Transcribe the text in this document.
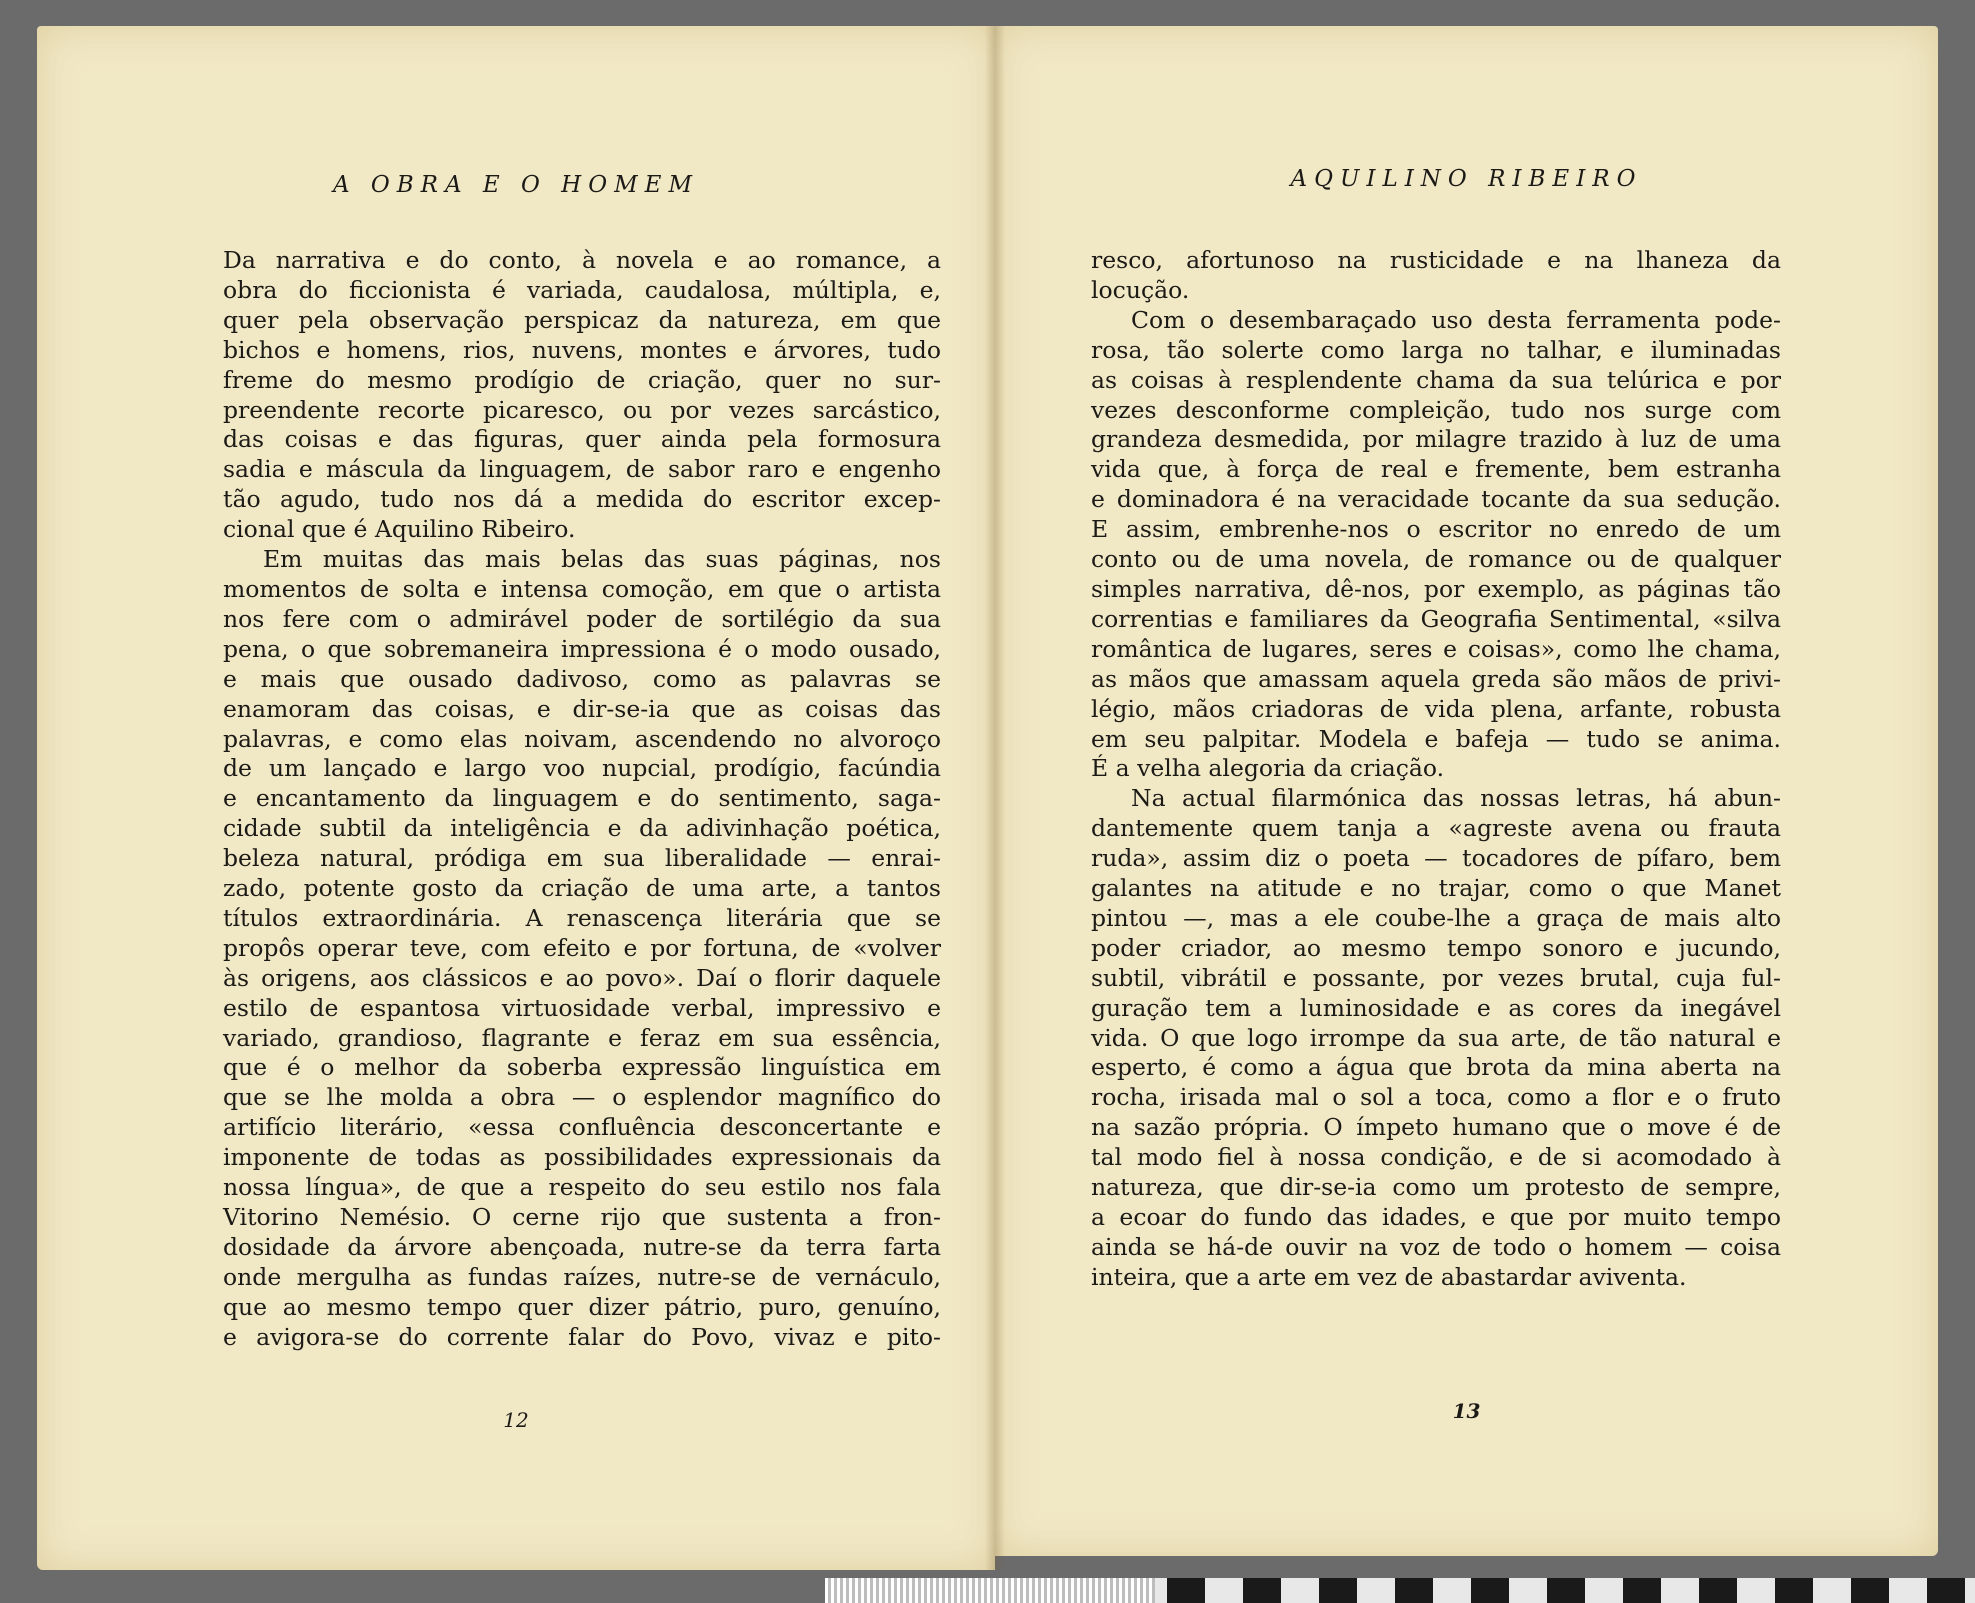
A OBRA E O HOMEM
Da narrativa e do conto, à novela e ao romance, a
obra do ficcionista é variada, caudalosa, múltipla, e,
quer pela observação perspicaz da natureza, em que
bichos e homens, rios, nuvens, montes e árvores, tudo
freme do mesmo prodígio de criação, quer no sur-
preendente recorte picaresco, ou por vezes sarcástico,
das coisas e das figuras, quer ainda pela formosura
sadia e máscula da linguagem, de sabor raro e engenho
tão agudo, tudo nos dá a medida do escritor excep-
cional que é Aquilino Ribeiro.
Em muitas das mais belas das suas páginas, nos
momentos de solta e intensa comoção, em que o artista
nos fere com o admirável poder de sortilégio da sua
pena, o que sobremaneira impressiona é o modo ousado,
e mais que ousado dadivoso, como as palavras se
enamoram das coisas, e dir-se-ia que as coisas das
palavras, e como elas noivam, ascendendo no alvoroço
de um lançado e largo voo nupcial, prodígio, facúndia
e encantamento da linguagem e do sentimento, saga-
cidade subtil da inteligência e da adivinhação poética,
beleza natural, pródiga em sua liberalidade — enrai-
zado, potente gosto da criação de uma arte, a tantos
títulos extraordinária. A renascença literária que se
propôs operar teve, com efeito e por fortuna, de «volver
às origens, aos clássicos e ao povo». Daí o florir daquele
estilo de espantosa virtuosidade verbal, impressivo e
variado, grandioso, flagrante e feraz em sua essência,
que é o melhor da soberba expressão linguística em
que se lhe molda a obra — o esplendor magnífico do
artifício literário, «essa confluência desconcertante e
imponente de todas as possibilidades expressionais da
nossa língua», de que a respeito do seu estilo nos fala
Vitorino Nemésio. O cerne rijo que sustenta a fron-
dosidade da árvore abençoada, nutre-se da terra farta
onde mergulha as fundas raízes, nutre-se de vernáculo,
que ao mesmo tempo quer dizer pátrio, puro, genuíno,
e avigora-se do corrente falar do Povo, vivaz e pito-
12
AQUILINO RIBEIRO
resco, afortunoso na rusticidade e na lhaneza da
locução.
Com o desembaraçado uso desta ferramenta pode-
rosa, tão solerte como larga no talhar, e iluminadas
as coisas à resplendente chama da sua telúrica e por
vezes desconforme compleição, tudo nos surge com
grandeza desmedida, por milagre trazido à luz de uma
vida que, à força de real e fremente, bem estranha
e dominadora é na veracidade tocante da sua sedução.
E assim, embrenhe-nos o escritor no enredo de um
conto ou de uma novela, de romance ou de qualquer
simples narrativa, dê-nos, por exemplo, as páginas tão
correntias e familiares da Geografia Sentimental, «silva
romântica de lugares, seres e coisas», como lhe chama,
as mãos que amassam aquela greda são mãos de privi-
légio, mãos criadoras de vida plena, arfante, robusta
em seu palpitar. Modela e bafeja — tudo se anima.
É a velha alegoria da criação.
Na actual filarmónica das nossas letras, há abun-
dantemente quem tanja a «agreste avena ou frauta
ruda», assim diz o poeta — tocadores de pífaro, bem
galantes na atitude e no trajar, como o que Manet
pintou —, mas a ele coube-lhe a graça de mais alto
poder criador, ao mesmo tempo sonoro e jucundo,
subtil, vibrátil e possante, por vezes brutal, cuja ful-
guração tem a luminosidade e as cores da inegável
vida. O que logo irrompe da sua arte, de tão natural e
esperto, é como a água que brota da mina aberta na
rocha, irisada mal o sol a toca, como a flor e o fruto
na sazão própria. O ímpeto humano que o move é de
tal modo fiel à nossa condição, e de si acomodado à
natureza, que dir-se-ia como um protesto de sempre,
a ecoar do fundo das idades, e que por muito tempo
ainda se há-de ouvir na voz de todo o homem — coisa
inteira, que a arte em vez de abastardar aviventa.
13
